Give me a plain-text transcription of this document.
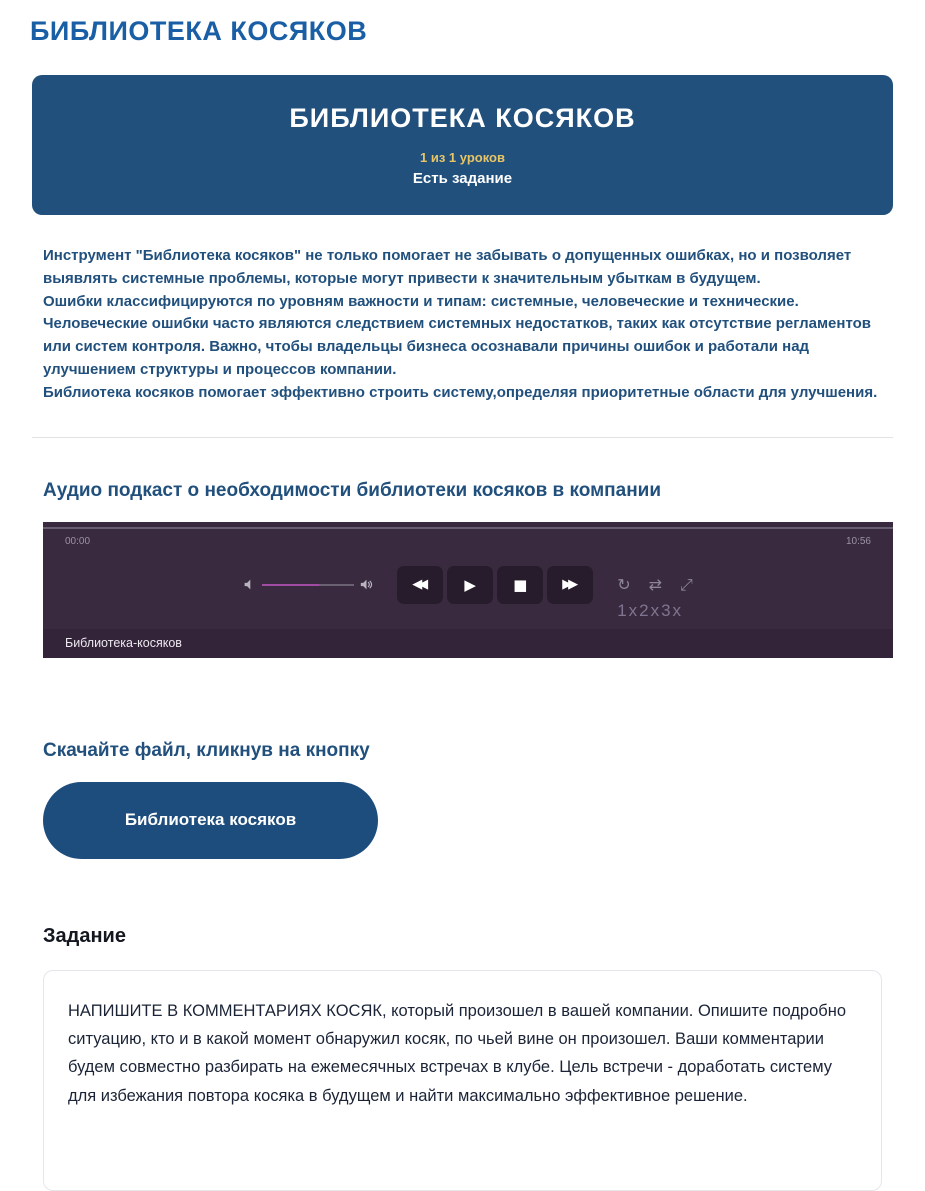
БИБЛИОТЕКА КОСЯКОВ
БИБЛИОТЕКА КОСЯКОВ
1 из 1 уроков
Есть задание

Инструмент "Библиотека косяков" не только помогает не забывать о допущенных ошибках, но и позволяет выявлять системные проблемы, которые могут привести к значительным убыткам в будущем.

Ошибки классифицируются по уровням важности и типам: системные, человеческие и технические. Человеческие ошибки часто являются следствием системных недостатков, таких как отсутствие регламентов или систем контроля. Важно, чтобы владельцы бизнеса осознавали причины ошибок и работали над улучшением структуры и процессов компании.

Библиотека косяков помогает эффективно строить систему,определяя приоритетные области для улучшения.

Аудио подкаст о необходимости библиотеки косяков в компании
00:00	10:56
◀◀	▶ ■	▶▶	↻ ⇄ ⤢
1x2x3x
Библиотека-косяков
Скачайте файл, кликнув на кнопку
Библиотека косяков
Задание
НАПИШИТЕ В КОММЕНТАРИЯХ КОСЯК, который произошел в вашей компании. Опишите подробно ситуацию, кто и в какой момент обнаружил косяк, по чьей вине он произошел. Ваши комментарии будем совместно разбирать на ежемесячных встречах в клубе. Цель встречи - доработать систему для избежания повтора косяка в будущем и найти максимально эффективное решение.
